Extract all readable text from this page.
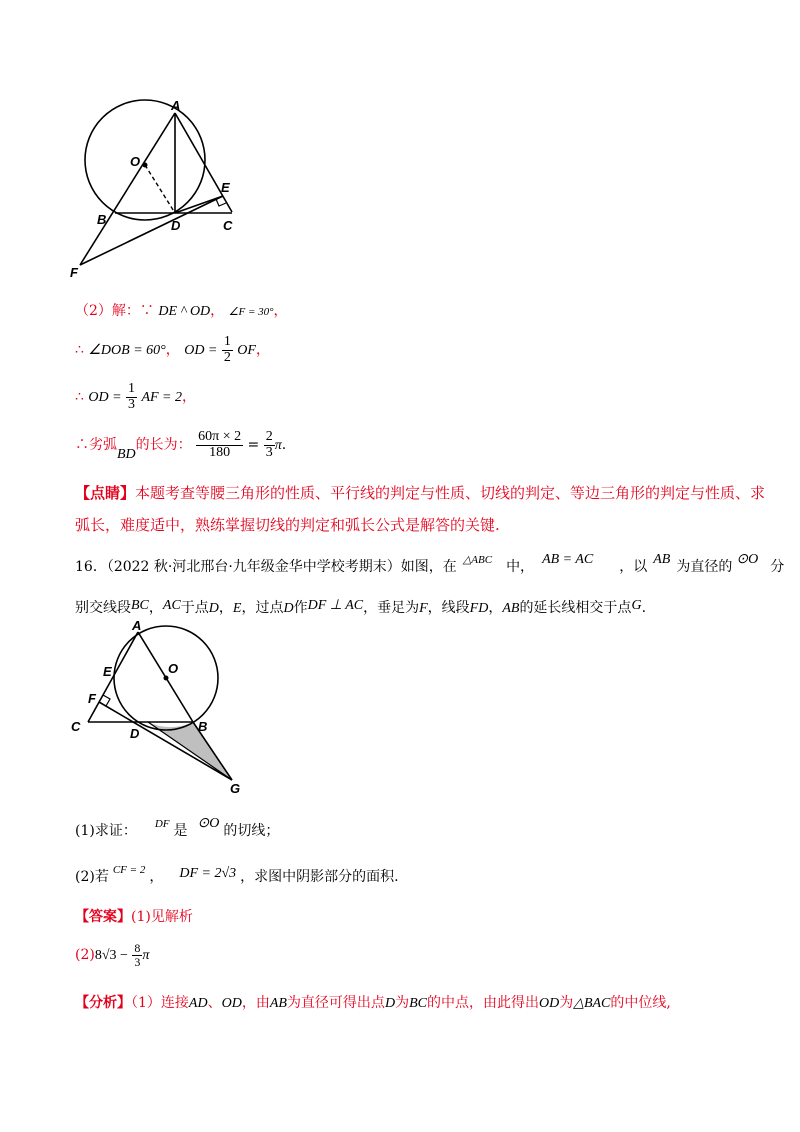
A
O
E
B	D	C
F
（2）解：∵ DE ^ OD， ∠F = 30°，
∴ ∠DOB = 60°， OD = $\frac{1}{2}$ OF，
∴ OD = $\frac{1}{3}$ AF = 2，
∴劣弧BD的长为： $\frac{60\pi \times 2}{180} = \frac{2}{3} \pi$.
【点睛】本题考查等腰三角形的性质、平行线的判定与性质、切线的判定、等边三角形的判定与性质、求
弧长，难度适中，熟练掌握切线的判定和弧长公式是解答的关键.
16．（2022 秋·河北邢台·九年级金华中学校考期末）如图，在 $^{\triangle ABC}$ 中， AB = AC ，以 AB 为直径的 ⊙O 分
别交线段BC，AC于点D，E，过点D作DF ⊥ AC，垂足为F，线段FD，AB的延长线相交于点G.
A
O
E
F
C	D	B
G
(1)求证： $^{DF}$ 是 ⊙O 的切线；
(2)若 $^{CF = 2}$ ， DF = 2√3 ，求图中阴影部分的面积.
【答案】(1)见解析
$(2)8√3 - \frac{8}{3}$ π
【分析】（1）连接AD、OD，由AB为直径可得出点D为BC的中点，由此得出OD为△BAC的中位线,
